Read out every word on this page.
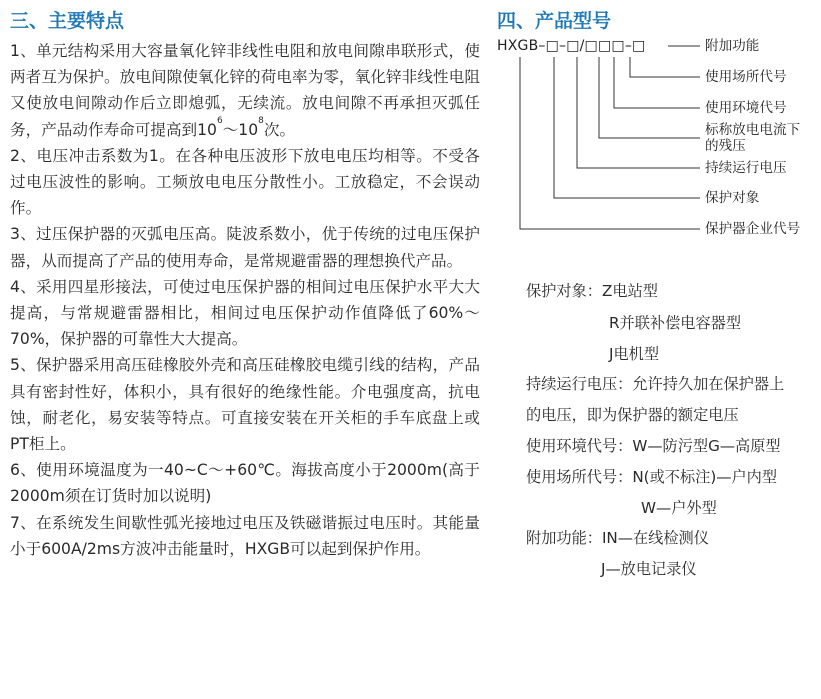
三、主要特点

1、单元结构采用大容量氧化锌非线性电阻和放电间隙串联形式，使两者互为保护。放电间隙使氧化锌的荷电率为零，氧化锌非线性电阻又使放电间隙动作后立即熄弧，无续流。放电间隙不再承担灭弧任务，产品动作寿命可提高到$10^6\sim 10^8$次。

2、电压冲击系数为1。在各种电压波形下放电电压均相等。不受各过电压波性的影响。工频放电电压分散性小。工放稳定，不会误动作。

3、过压保护器的灭弧电压高。陡波系数小，优于传统的过电压保护器，从而提高了产品的使用寿命，是常规避雷器的理想换代产品。

4、采用四星形接法，可使过电压保护器的相间过电压保护水平大大提高，与常规避雷器相比，相间过电压保护动作值降低了60%～70%，保护器的可靠性大大提高。

5、保护器采用高压硅橡胶外壳和高压硅橡胶电缆引线的结构，产品具有密封性好，体积小，具有很好的绝缘性能。介电强度高，抗电蚀，耐老化，易安装等特点。可直接安装在开关柜的手车底盘上或PT柜上。

6、使用环境温度为一40~C～+60℃。海拔高度小于2000m(高于2000m须在订货时加以说明)

7、在系统发生间歇性弧光接地过电压及铁磁谐振过电压时。其能量小于600A/2ms方波冲击能量时，HXGB可以起到保护作用。

四、产品型号
HXGB–□–□/□□□–□	附加功能
使用场所代号
使用环境代号
标称放电电流下
的残压
持续运行电压
保护对象
保护器企业代号
保护对象：Z电站型
R并联补偿电容器型
J电机型
持续运行电压：允许持久加在保护器上
的电压，即为保护器的额定电压
使用环境代号：W—防污型G—高原型
使用场所代号：N(或不标注)—户内型
W—户外型
附加功能：IN—在线检测仪
J—放电记录仪
